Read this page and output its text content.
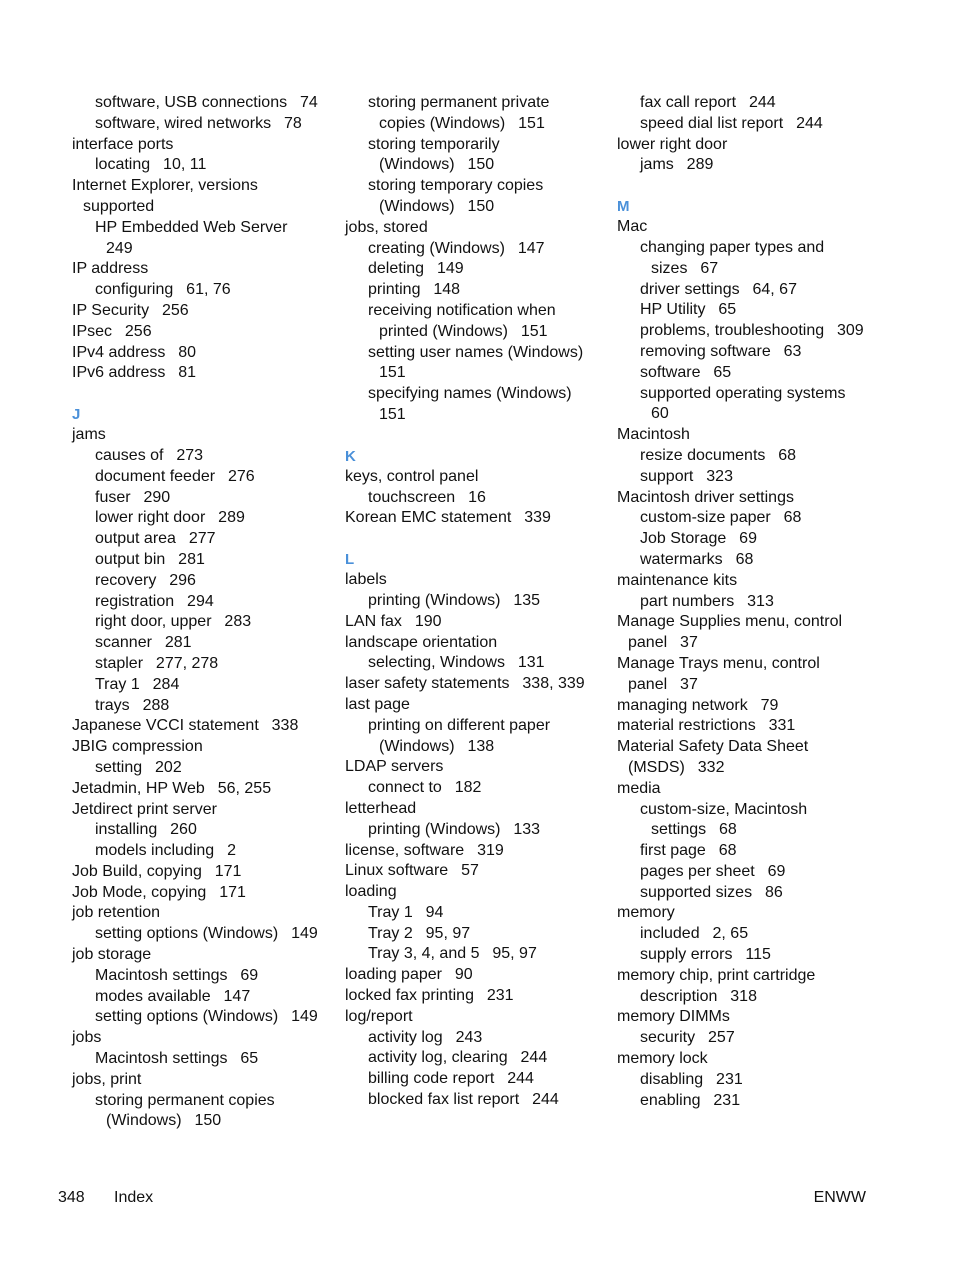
software, USB connections 74
software, wired networks 78
interface ports
locating 10, 11
Internet Explorer, versions
supported
HP Embedded Web Server
249
IP address
configuring 61, 76
IP Security 256
IPsec 256
IPv4 address 80
IPv6 address 81
J
jams
causes of 273
document feeder 276
fuser 290
lower right door 289
output area 277
output bin 281
recovery 296
registration 294
right door, upper 283
scanner 281
stapler 277, 278
Tray 1 284
trays 288
Japanese VCCI statement 338
JBIG compression
setting 202
Jetadmin, HP Web 56, 255
Jetdirect print server
installing 260
models including 2
Job Build, copying 171
Job Mode, copying 171
job retention
setting options (Windows) 149
job storage
Macintosh settings 69
modes available 147
setting options (Windows) 149
jobs
Macintosh settings 65
jobs, print
storing permanent copies
(Windows) 150
storing permanent private
copies (Windows) 151
storing temporarily
(Windows) 150
storing temporary copies
(Windows) 150
jobs, stored
creating (Windows) 147
deleting 149
printing 148
receiving notification when
printed (Windows) 151
setting user names (Windows)
151
specifying names (Windows)
151
K
keys, control panel
touchscreen 16
Korean EMC statement 339
L
labels
printing (Windows) 135
LAN fax 190
landscape orientation
selecting, Windows 131
laser safety statements 338, 339
last page
printing on different paper
(Windows) 138
LDAP servers
connect to 182
letterhead
printing (Windows) 133
license, software 319
Linux software 57
loading
Tray 1 94
Tray 2 95, 97
Tray 3, 4, and 5 95, 97
loading paper 90
locked fax printing 231
log/report
activity log 243
activity log, clearing 244
billing code report 244
blocked fax list report 244
fax call report 244
speed dial list report 244
lower right door
jams 289
M
Mac
changing paper types and
sizes 67
driver settings 64, 67
HP Utility 65
problems, troubleshooting 309
removing software 63
software 65
supported operating systems
60
Macintosh
resize documents 68
support 323
Macintosh driver settings
custom-size paper 68
Job Storage 69
watermarks 68
maintenance kits
part numbers 313
Manage Supplies menu, control
panel 37
Manage Trays menu, control
panel 37
managing network 79
material restrictions 331
Material Safety Data Sheet
(MSDS) 332
media
custom-size, Macintosh
settings 68
first page 68
pages per sheet 69
supported sizes 86
memory
included 2, 65
supply errors 115
memory chip, print cartridge
description 318
memory DIMMs
security 257
memory lock
disabling 231
enabling 231
348 Index	ENWW
